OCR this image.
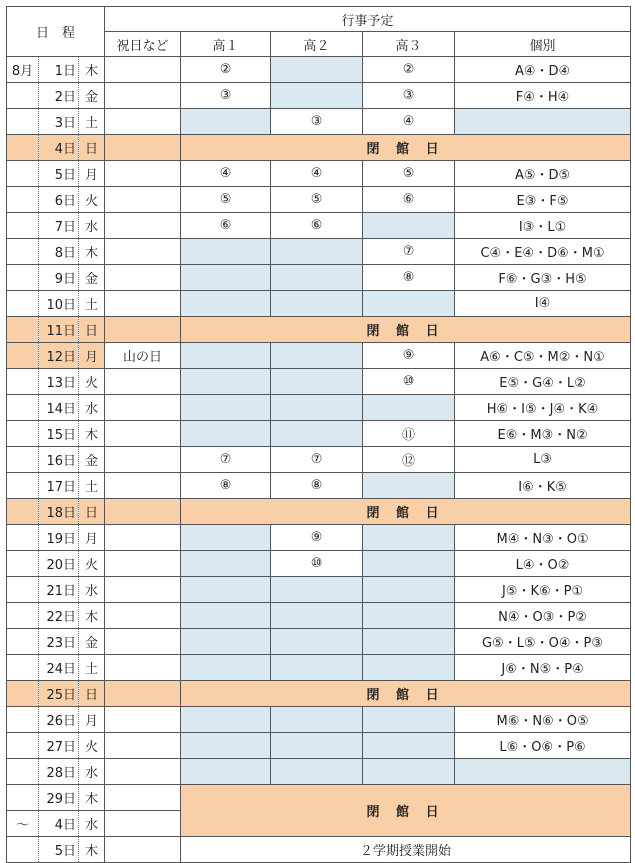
日　程			行事予定				
			祝日など	高１	高２	高３	個別
8月	1日	木		②		②	A④・D④
	2日	金		③		③	F④・H④
	3日	土			③	④	
	4日	日		閉 館 日			
	5日	月		④	④	⑤	A⑤・D⑤
	6日	火		⑤	⑤	⑥	E③・F⑤
	7日	水		⑥	⑥		I③・L①
	8日	木				⑦	C④・E④・D⑥・M①
	9日	金				⑧	F⑥・G③・H⑤
	10日	土					I④
	11日	日		閉 館 日			
	12日	月	山の日			⑨	A⑥・C⑤・M②・N①
	13日	火				⑩	E⑤・G④・L②
	14日	水					H⑥・I⑤・J④・K④
	15日	木				⑪	E⑥・M③・N②
	16日	金		⑦	⑦	⑫	L③
	17日	土		⑧	⑧		I⑥・K⑤
	18日	日		閉 館 日			
	19日	月			⑨		M④・N③・O①
	20日	火			⑩		L④・O②
	21日	水					J⑤・K⑥・P①
	22日	木					N④・O③・P②
	23日	金					G⑤・L⑤・O④・P③
	24日	土					J⑥・N⑤・P④
	25日	日		閉 館 日			
	26日	月					M⑥・N⑥・O⑤
	27日	火					L⑥・O⑥・P⑥
	28日	水					
	29日	木		閉 館 日			
～	4日	水					
	5日	木		２学期授業開始			
